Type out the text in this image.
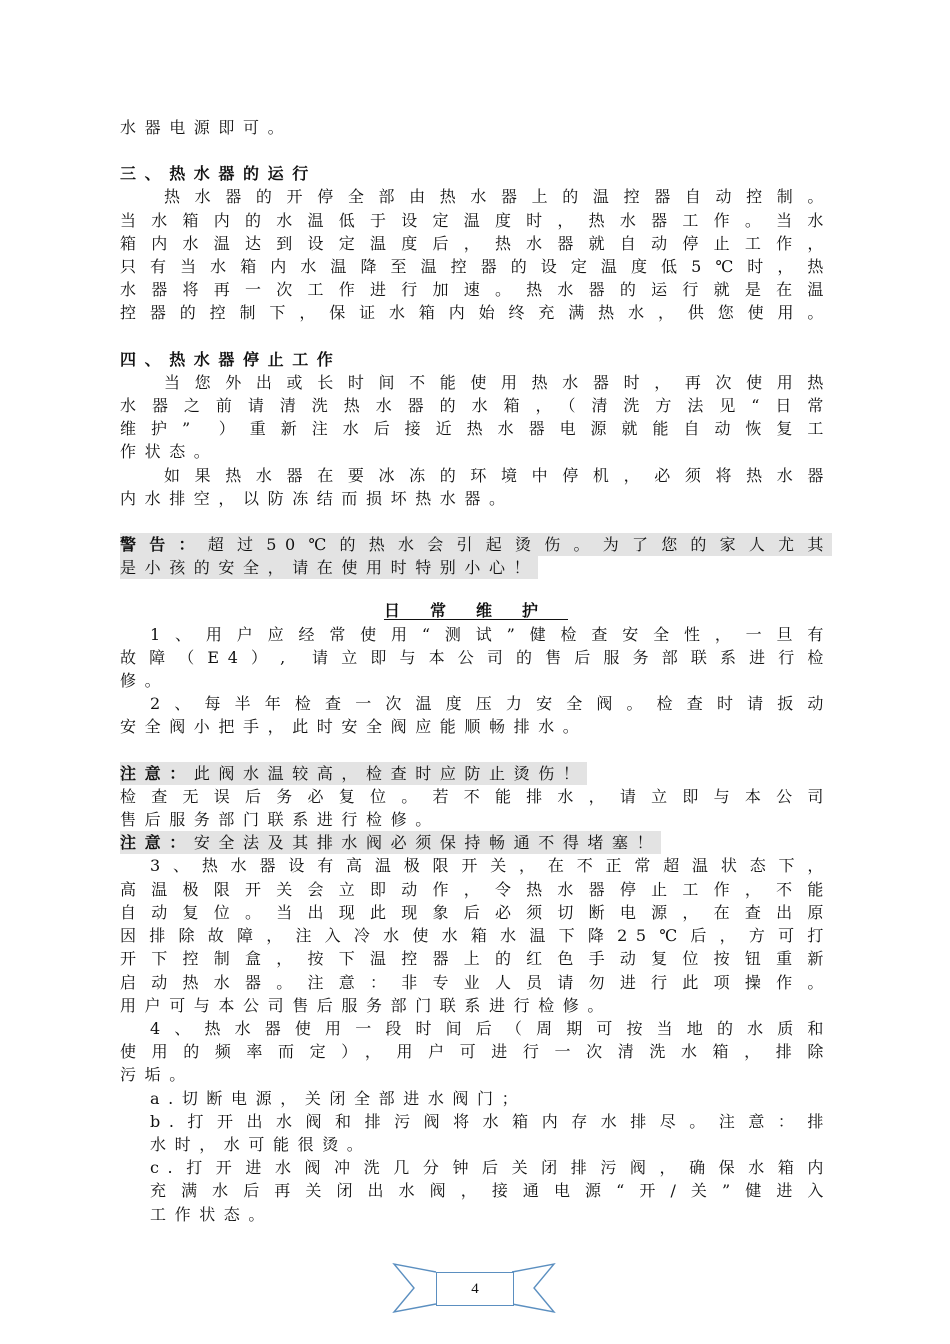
水器电源即可。

三、热水器的运行

热水器的开停全部由热水器上的温控器自动控制。

当水箱内的水温低于设定温度时，热水器工作。当水

箱内水温达到设定温度后，热水器就自动停止工作，

只有当水箱内水温降至温控器的设定温度低5℃时，热

水器将再一次工作进行加速。热水器的运行就是在温

控器的控制下，保证水箱内始终充满热水，供您使用。

四、热水器停止工作

当您外出或长时间不能使用热水器时，再次使用热

水器之前请清洗热水器的水箱，（清洗方法见“日常

维护” ）重新注水后接近热水器电源就能自动恢复工

作状态。

如果热水器在要冰冻的环境中停机，必须将热水器

内水排空，以防冻结而损坏热水器。

警告：超过50℃的热水会引起烫伤。为了您的家人尤其

是小孩的安全，请在使用时特别小心！

日常维护

1、用户应经常使用“测试”健检查安全性，一旦有

故障（E4）, 请立即与本公司的售后服务部联系进行检

修。

2、每半年检查一次温度压力安全阀。检查时请扳动

安全阀小把手，此时安全阀应能顺畅排水。

注意：此阀水温较高，检查时应防止烫伤！

检查无误后务必复位。若不能排水，请立即与本公司

售后服务部门联系进行检修。

注意：安全法及其排水阀必须保持畅通不得堵塞！

3、热水器设有高温极限开关，在不正常超温状态下，

高温极限开关会立即动作，令热水器停止工作，不能

自动复位。当出现此现象后必须切断电源，在查出原

因排除故障，注入冷水使水箱水温下降25℃后，方可打

开下控制盒，按下温控器上的红色手动复位按钮重新

启动热水器。注意：非专业人员请勿进行此项操作。

用户可与本公司售后服务部门联系进行检修。

4、热水器使用一段时间后（周期可按当地的水质和

使用的频率而定），用户可进行一次清洗水箱，排除

污垢。

a.切断电源，关闭全部进水阀门；

b.打开出水阀和排污阀将水箱内存水排尽。注意：排

水时，水可能很烫。

c.打开进水阀冲洗几分钟后关闭排污阀，确保水箱内

充满水后再关闭出水阀，接通电源“开/关”健进入

工作状态。

4
